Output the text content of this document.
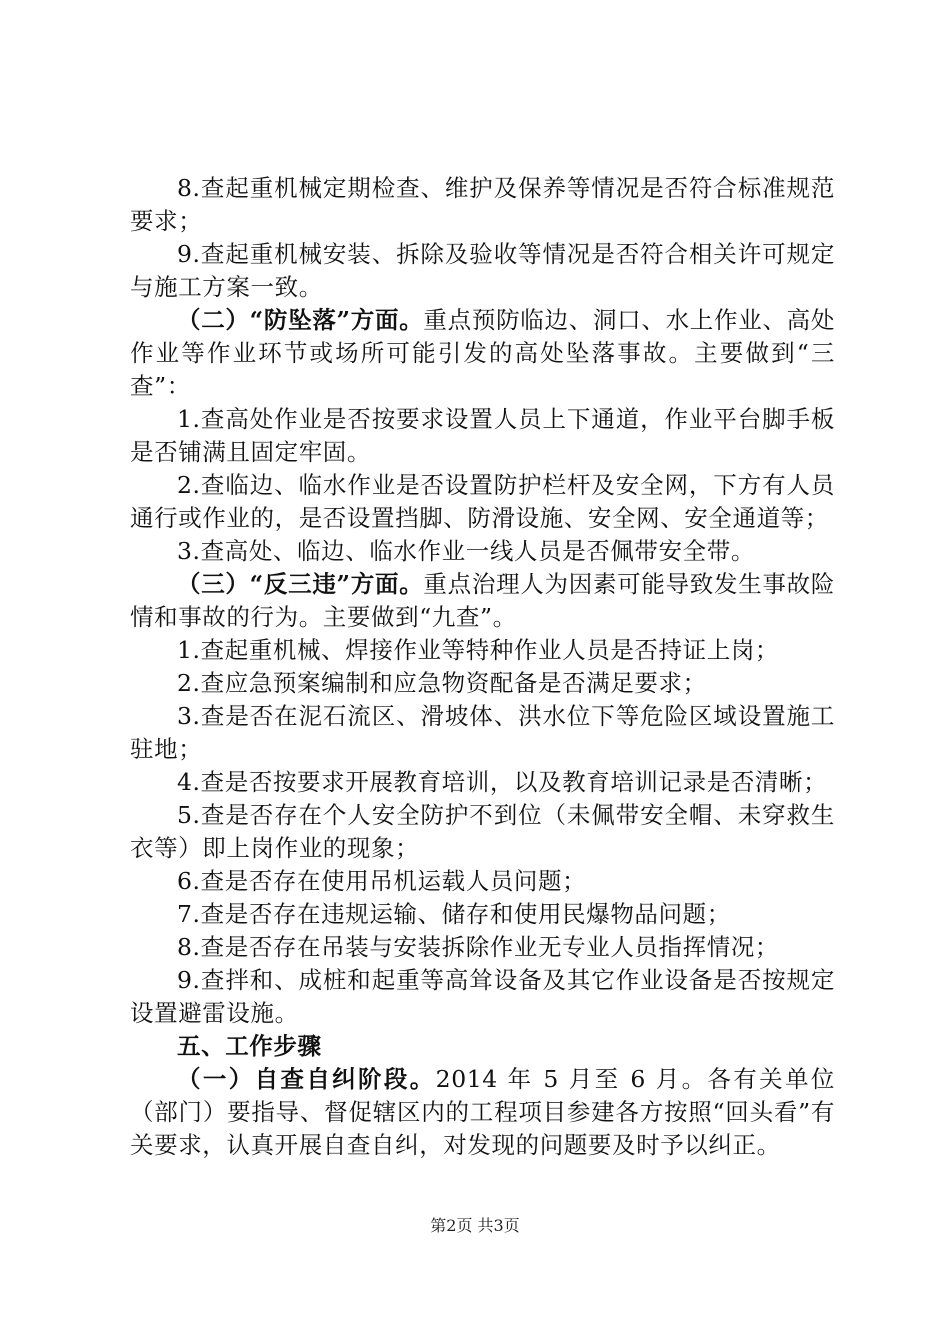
8.查起重机械定期检查、维护及保养等情况是否符合标准规范要求；

9.查起重机械安装、拆除及验收等情况是否符合相关许可规定与施工方案一致。

（二）“防坠落”方面。重点预防临边、洞口、水上作业、高处作业等作业环节或场所可能引发的高处坠落事故。主要做到“三查”：

1.查高处作业是否按要求设置人员上下通道，作业平台脚手板是否铺满且固定牢固。

2.查临边、临水作业是否设置防护栏杆及安全网，下方有人员通行或作业的，是否设置挡脚、防滑设施、安全网、安全通道等；

3.查高处、临边、临水作业一线人员是否佩带安全带。

（三）“反三违”方面。重点治理人为因素可能导致发生事故险情和事故的行为。主要做到“九查”。

1.查起重机械、焊接作业等特种作业人员是否持证上岗；

2.查应急预案编制和应急物资配备是否满足要求；

3.查是否在泥石流区、滑坡体、洪水位下等危险区域设置施工驻地；

4.查是否按要求开展教育培训，以及教育培训记录是否清晰；

5.查是否存在个人安全防护不到位（未佩带安全帽、未穿救生衣等）即上岗作业的现象；

6.查是否存在使用吊机运载人员问题；

7.查是否存在违规运输、储存和使用民爆物品问题；

8.查是否存在吊装与安装拆除作业无专业人员指挥情况；

9.查拌和、成桩和起重等高耸设备及其它作业设备是否按规定设置避雷设施。

五、工作步骤

（一）自查自纠阶段。2014 年 5 月至 6 月。各有关单位（部门）要指导、督促辖区内的工程项目参建各方按照“回头看”有关要求，认真开展自查自纠，对发现的问题要及时予以纠正。

第2页 共3页
